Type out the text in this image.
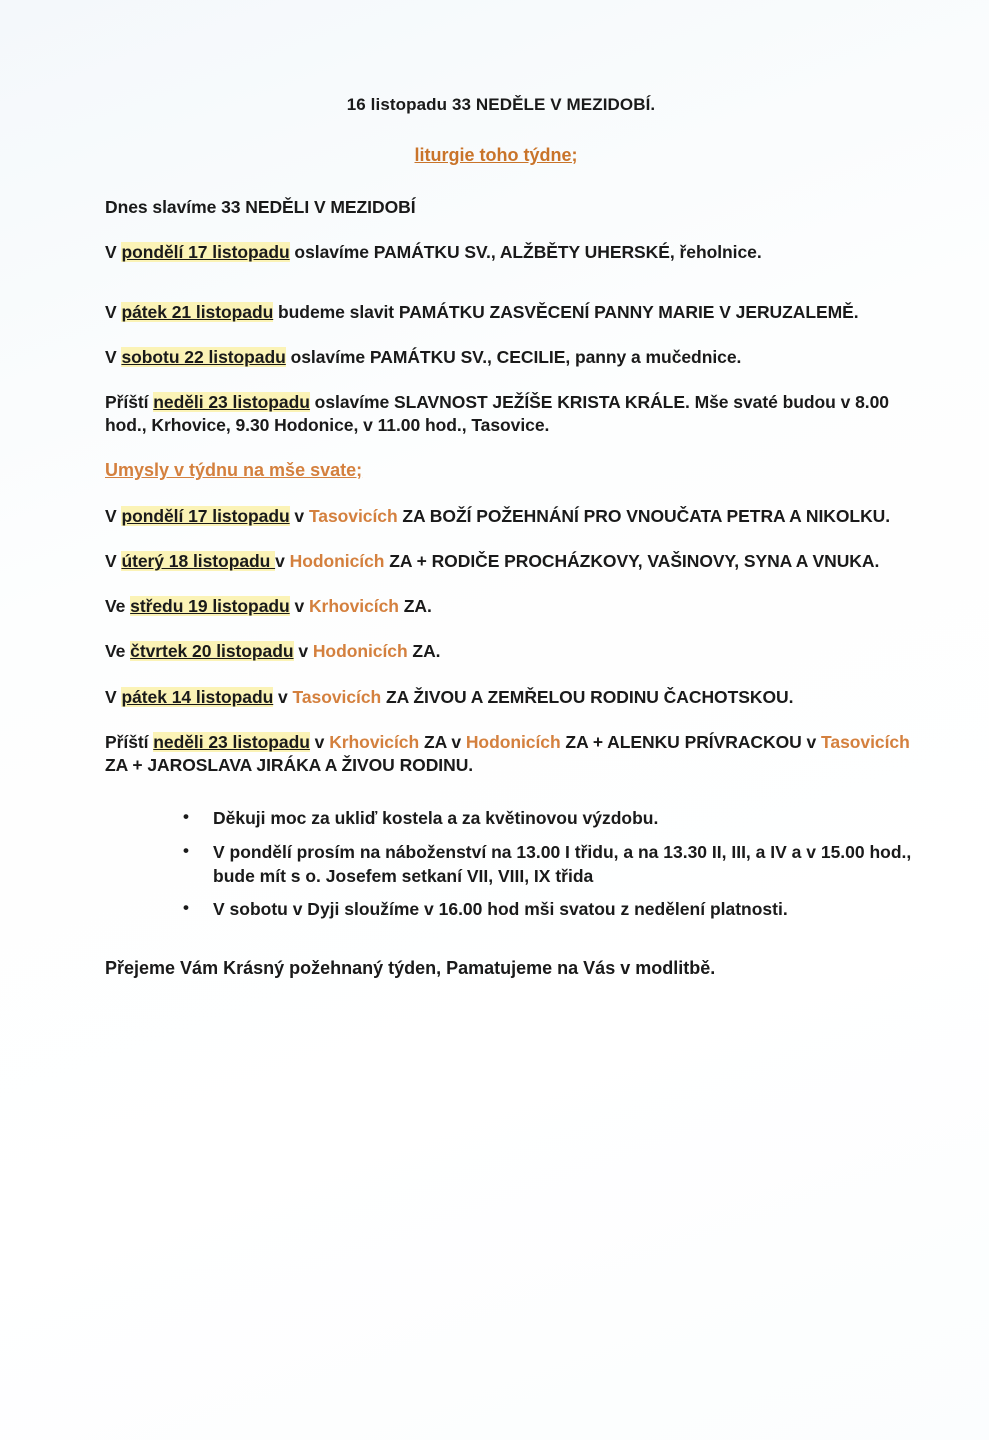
16 listopadu 33 NEDĚLE V MEZIDOBÍ.
liturgie toho týdne;

Dnes slavíme 33 NEDĚLI V MEZIDOBÍ

V pondělí 17 listopadu oslavíme PAMÁTKU SV., ALŽBĚTY UHERSKÉ, řeholnice.

V pátek 21 listopadu budeme slavit PAMÁTKU ZASVĚCENÍ PANNY MARIE V JERUZALEMĚ.

V sobotu 22 listopadu oslavíme PAMÁTKU SV., CECILIE, panny a mučednice.

Příští neděli 23 listopadu oslavíme SLAVNOST JEŽÍŠE KRISTA KRÁLE. Mše svaté budou v 8.00 hod., Krhovice, 9.30 Hodonice, v 11.00 hod., Tasovice.

Umysly v týdnu na mše svate;

V pondělí 17 listopadu v Tasovicích ZA BOŽÍ POŽEHNÁNÍ PRO VNOUČATA PETRA A NIKOLKU.

V úterý 18 listopadu v Hodonicích ZA + RODIČE PROCHÁZKOVY, VAŠINOVY, SYNA A VNUKA.

Ve středu 19 listopadu v Krhovicích ZA.

Ve čtvrtek 20 listopadu v Hodonicích ZA.

V pátek 14 listopadu v Tasovicích ZA ŽIVOU A ZEMŘELOU RODINU ČACHOTSKOU.

Příští neděli 23 listopadu v Krhovicích ZA v Hodonicích ZA + ALENKU PRÍVRACKOU v Tasovicích ZA + JAROSLAVA JIRÁKA A ŽIVOU RODINU.

• Děkuji moc za ukliď kostela a za květinovou výzdobu.
• V pondělí prosím na náboženství na 13.00 I třidu, a na 13.30 II, III, a IV a v 15.00 hod., bude mít s o. Josefem setkaní VII, VIII, IX třida
• V sobotu v Dyji sloužíme v 16.00 hod mši svatou z nedělení platnosti.

Přejeme Vám Krásný požehnaný týden, Pamatujeme na Vás v modlitbě.
